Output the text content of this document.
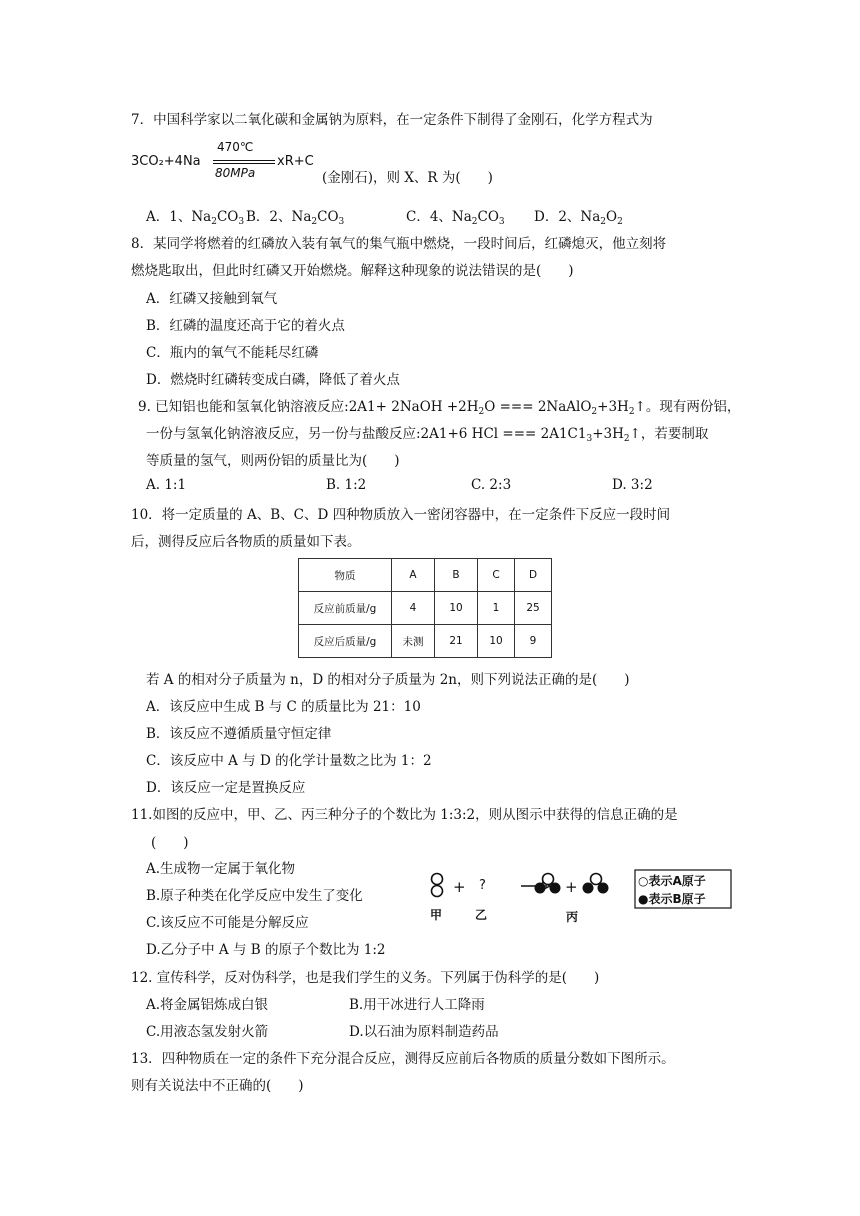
7．中国科学家以二氧化碳和金属钠为原料，在一定条件下制得了金刚石，化学方程式为
3CO₂+4Na
470℃
80MPa
xR+C
(金刚石)，则 X、R 为(　　)
A．1、$Na_2CO_3$ B．2、$Na_2CO_3$	C．4、$Na_2CO_3$ D．2、$Na_2O_2$
8．某同学将燃着的红磷放入装有氧气的集气瓶中燃烧，一段时间后，红磷熄灭，他立刻将
燃烧匙取出，但此时红磷又开始燃烧。解释这种现象的说法错误的是(　　)
A．红磷又接触到氧气
B．红磷的温度还高于它的着火点
C．瓶内的氧气不能耗尽红磷
D．燃烧时红磷转变成白磷，降低了着火点
9. 已知铝也能和氢氧化钠溶液反应:2A1+ 2NaOH $+2H_2O$ === $2NaAlO_2+3H_2↑$。现有两份铝，
一份与氢氧化钠溶液反应，另一份与盐酸反应:2A1+6 HCl === $2A1C1_3+3H_2↑$，若要制取
等质量的氢气，则两份铝的质量比为(　　)
A. 1:1	B. 1:2	C. 2:3	D. 3:2
10．将一定质量的 A、B、C、D 四种物质放入一密闭容器中，在一定条件下反应一段时间
后，测得反应后各物质的质量如下表。
物质	A	B	C	D
反应前质量/g	4	10	1	25
反应后质量/g	未测	21	10	9
若 A 的相对分子质量为 n，D 的相对分子质量为 2n，则下列说法正确的是(　　)
A．该反应中生成 B 与 C 的质量比为 21：10
B．该反应不遵循质量守恒定律
C．该反应中 A 与 D 的化学计量数之比为 1：2
D．该反应一定是置换反应
11.如图的反应中，甲、乙、丙三种分子的个数比为 1:3:2，则从图示中获得的信息正确的是
(　　)
A.生成物一定属于氧化物
B.原子种类在化学反应中发生了变化
C.该反应不可能是分解反应
D.乙分子中 A 与 B 的原子个数比为 1:2
+ ?	+
甲	乙	丙
○表示A原子
●表示B原子
12. 宣传科学，反对伪科学，也是我们学生的义务。下列属于伪科学的是(　　)
A.将金属铝炼成白银	B.用干冰进行人工降雨
C.用液态氢发射火箭	D.以石油为原料制造药品
13．四种物质在一定的条件下充分混合反应，测得反应前后各物质的质量分数如下图所示。
则有关说法中不正确的(　　)
